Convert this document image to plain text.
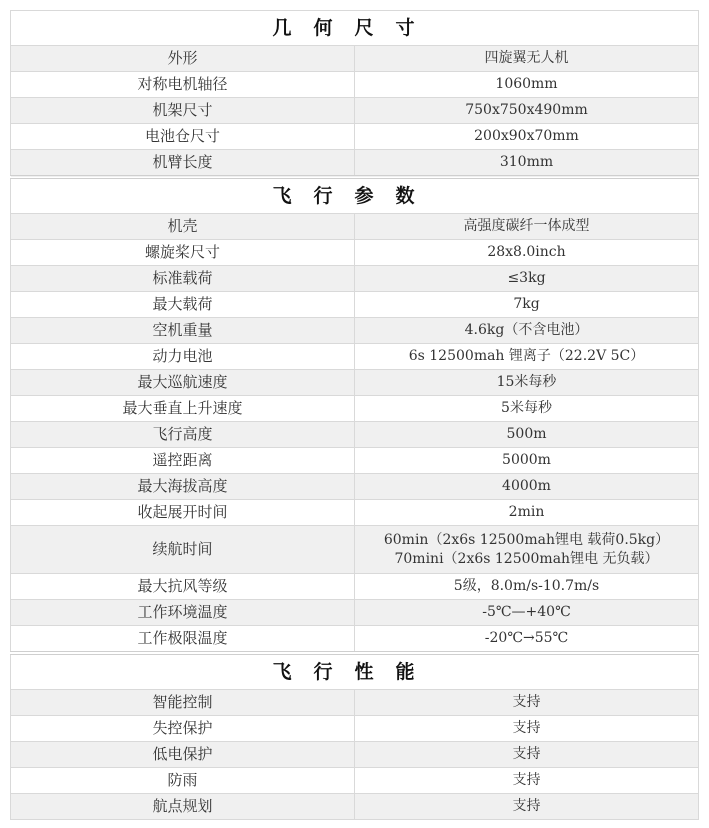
几何尺寸	
外形	四旋翼无人机
对称电机轴径	1060mm
机架尺寸	750x750x490mm
电池仓尺寸	200x90x70mm
机臂长度	310mm
飞行参数	
机壳	高强度碳纤一体成型
螺旋桨尺寸	28x8.0inch
标准载荷	≤3kg
最大载荷	7kg
空机重量	4.6kg（不含电池）
动力电池	6s 12500mah 锂离子（22.2V 5C）
最大巡航速度	15米每秒
最大垂直上升速度	5米每秒
飞行高度	500m
遥控距离	5000m
最大海拔高度	4000m
收起展开时间	2min
续航时间	60min（2x6s 12500mah锂电 载荷0.5kg）
70mini（2x6s 12500mah锂电 无负载）

最大抗风等级	5级，8.0m/s-10.7m/s
工作环境温度	-5℃—+40℃
工作极限温度	-20℃→55℃
飞行性能	
智能控制	支持
失控保护	支持
低电保护	支持
防雨	支持
航点规划	支持
